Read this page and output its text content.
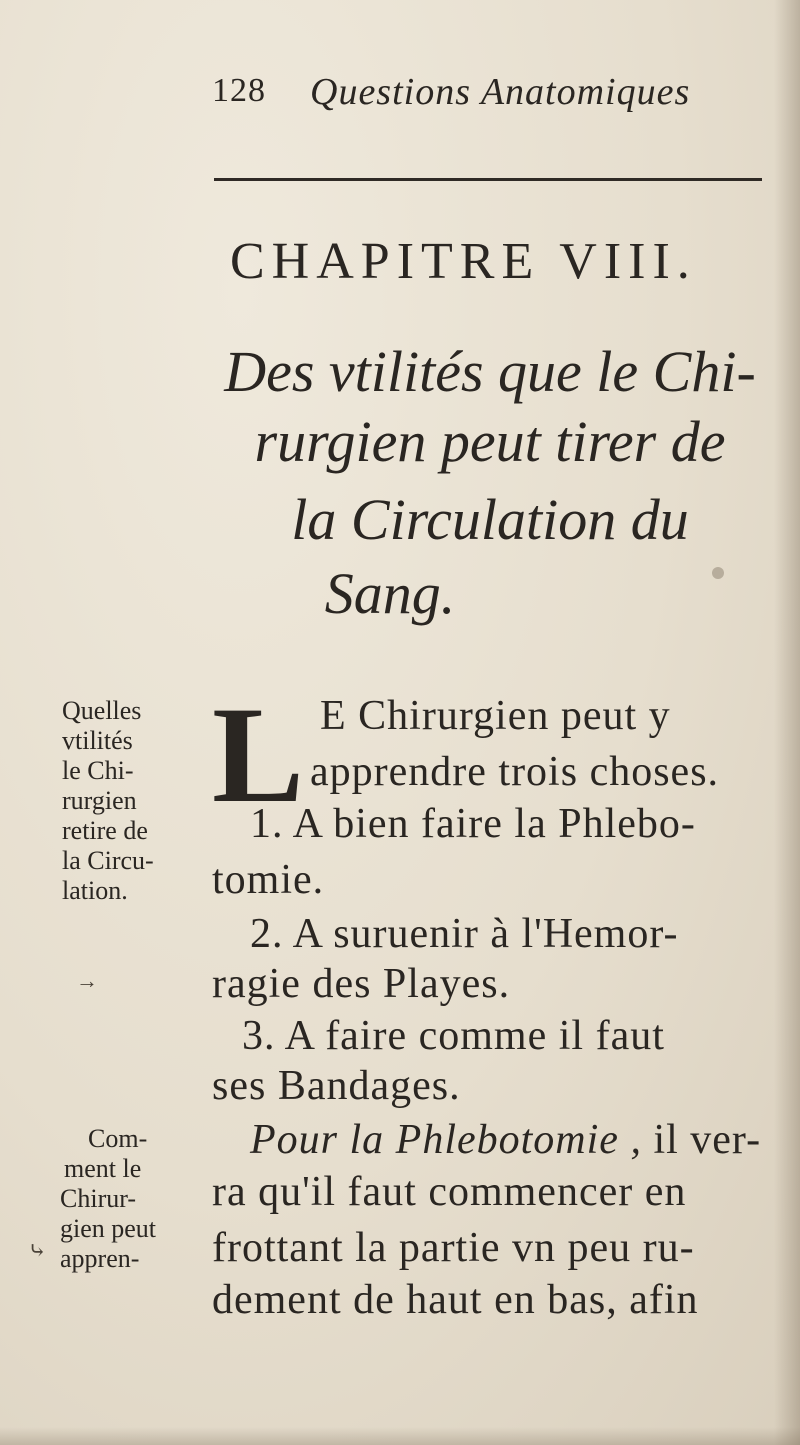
128 Questions Anatomiques
CHAPITRE VIII.
Des vtilités que le Chi-
rurgien peut tirer de
la Circulation du
Sang.
L E Chirurgien peut y
apprendre trois choses.
1. A bien faire la Phlebo-
tomie.
2. A suruenir à l'Hemor-
ragie des Playes.
3. A faire comme il faut
ses Bandages.
Pour la Phlebotomie , il ver-
ra qu'il faut commencer en
frottant la partie vn peu ru-
dement de haut en bas, afin
Quelles
vtilités
le Chi-
rurgien
retire de
la Circu-
lation.
Com-
ment le
Chirur-
gien peut
appren-
→
⤷
